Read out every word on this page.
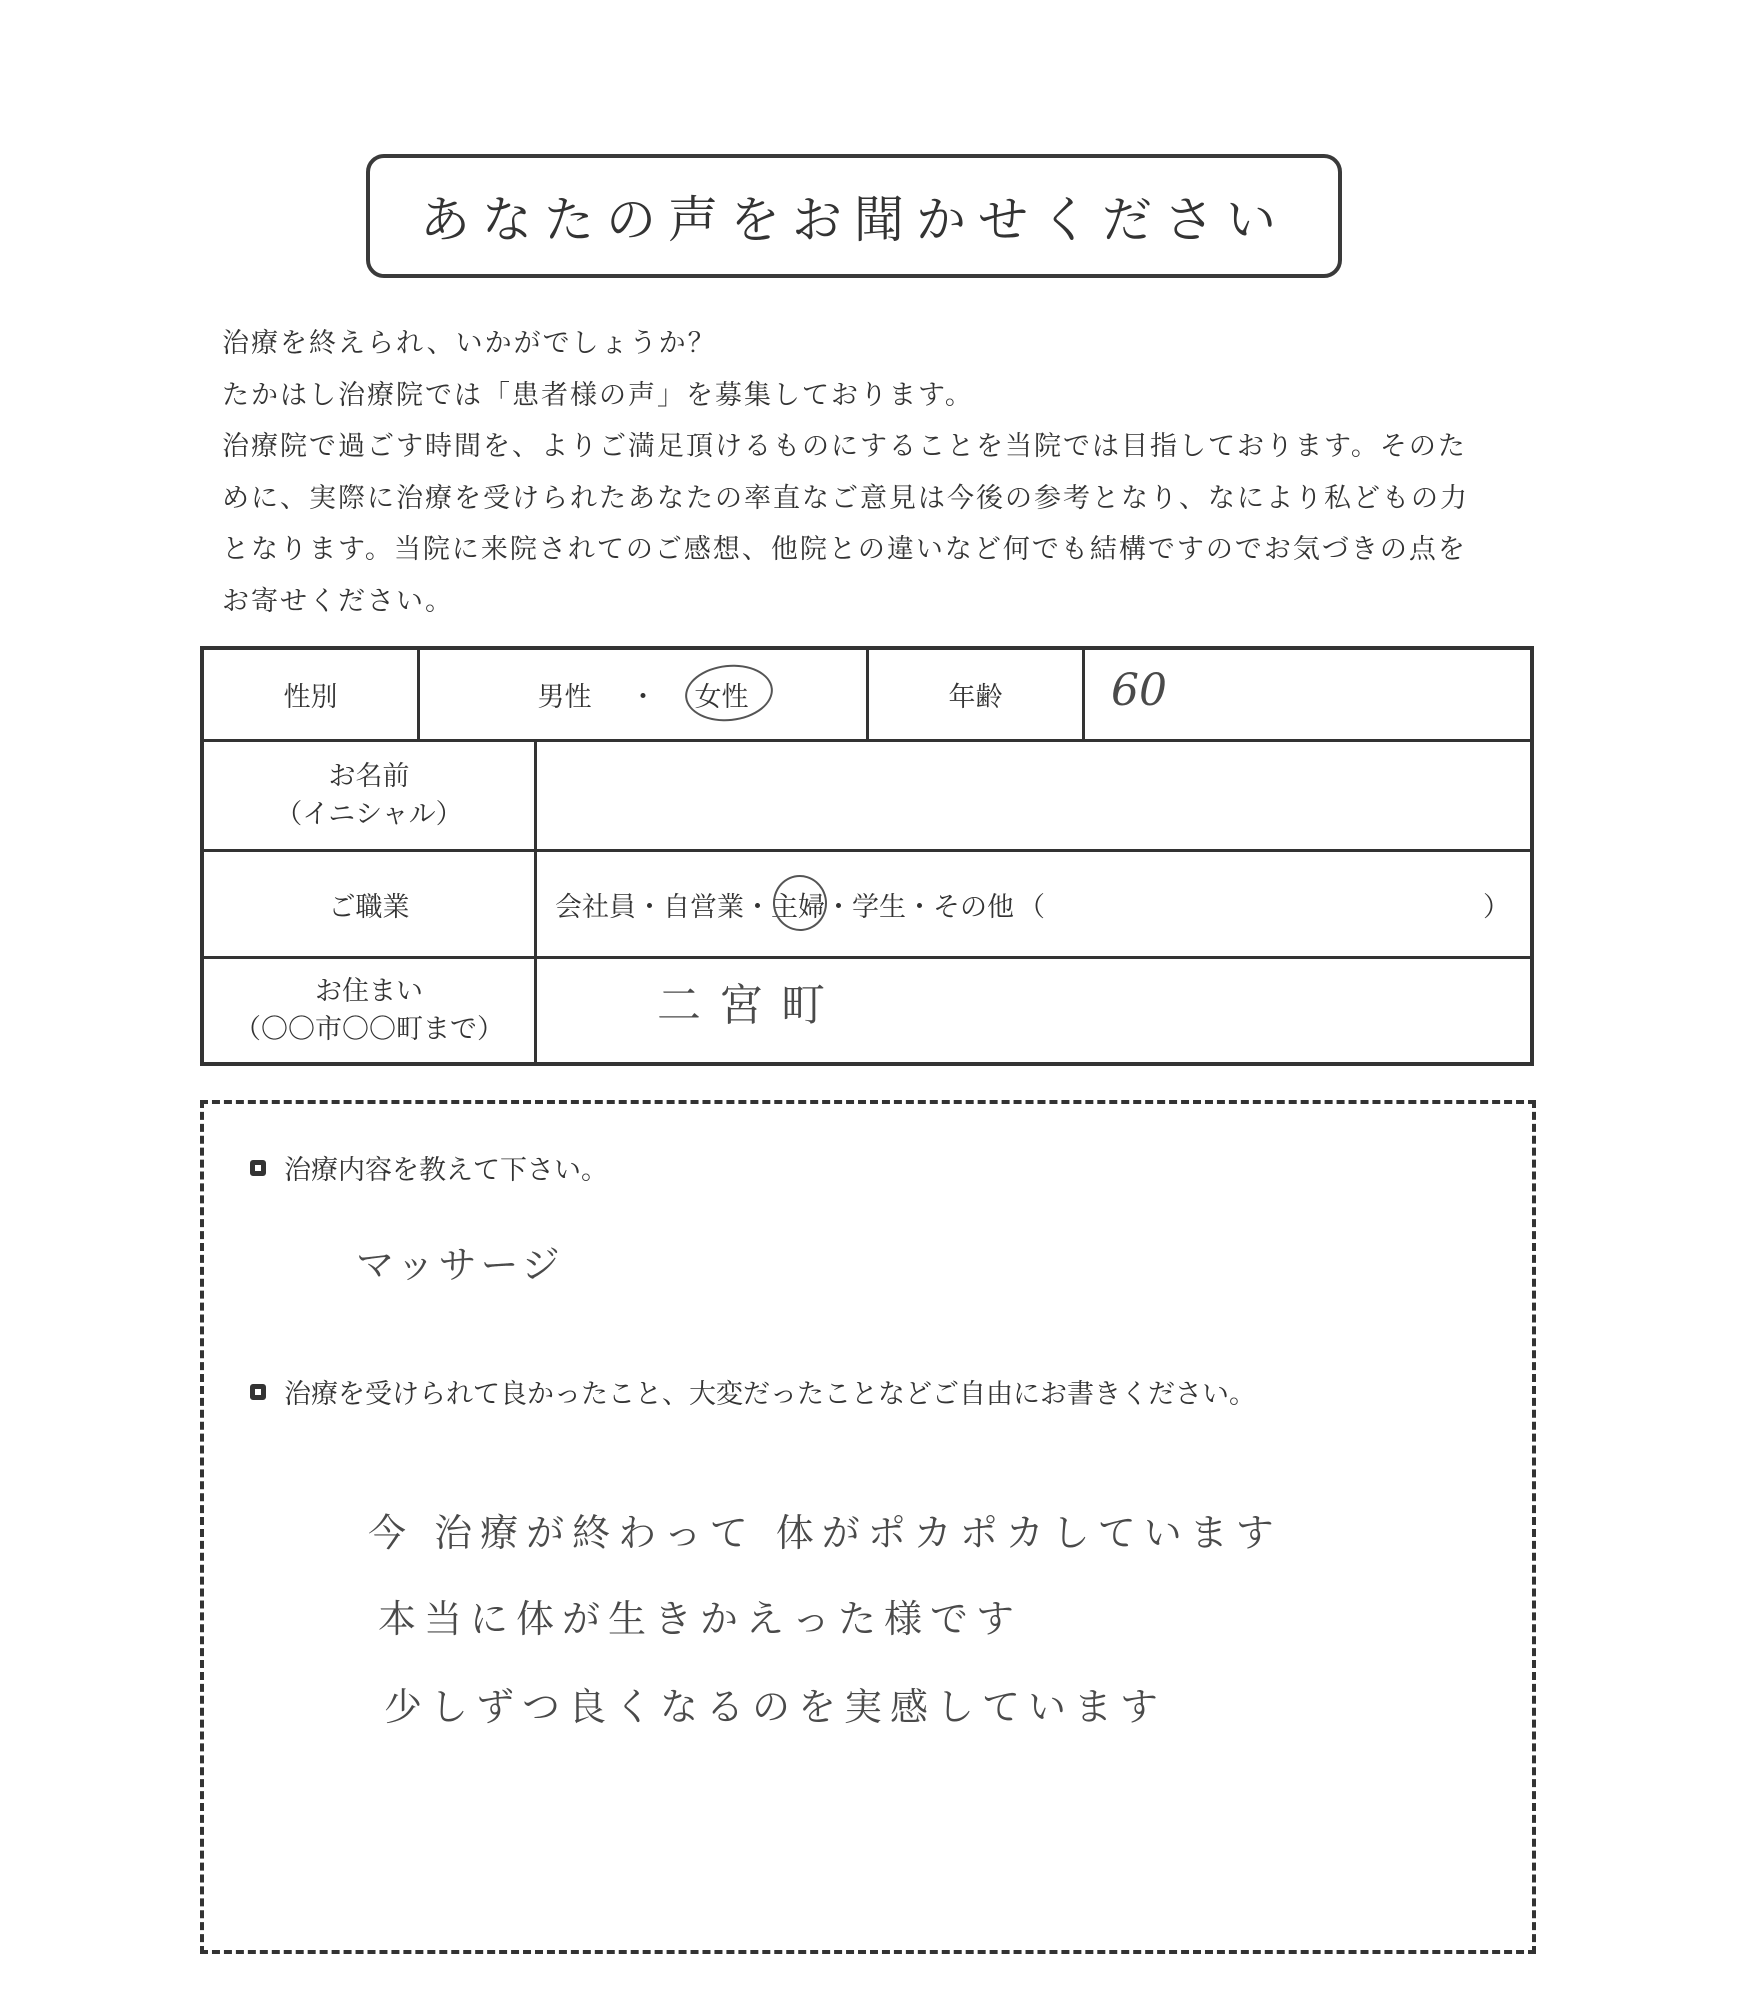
あなたの声をお聞かせください
治療を終えられ、いかがでしょうか？
たかはし治療院では「患者様の声」を募集しております。
治療院で過ごす時間を、よりご満足頂けるものにすることを当院では目指しております。そのた
めに、実際に治療を受けられたあなたの率直なご意見は今後の参考となり、なにより私どもの力
となります。当院に来院されてのご感想、他院との違いなど何でも結構ですのでお気づきの点を
お寄せください。
性別	男性 ・ 女性	年齢 60
お名前
（イニシャル）
ご職業	会社員 ・ 自営業 ・ 主婦 ・ 学生 ・ その他 （	）
お住まい
（〇〇市〇〇町まで）	二宮町
治療内容を教えて下さい。
マッサージ
治療を受けられて良かったこと、大変だったことなどご自由にお書きください。
今 治療が終わって 体がポカポカしています
本当に体が生きかえった様です
少しずつ良くなるのを実感しています
